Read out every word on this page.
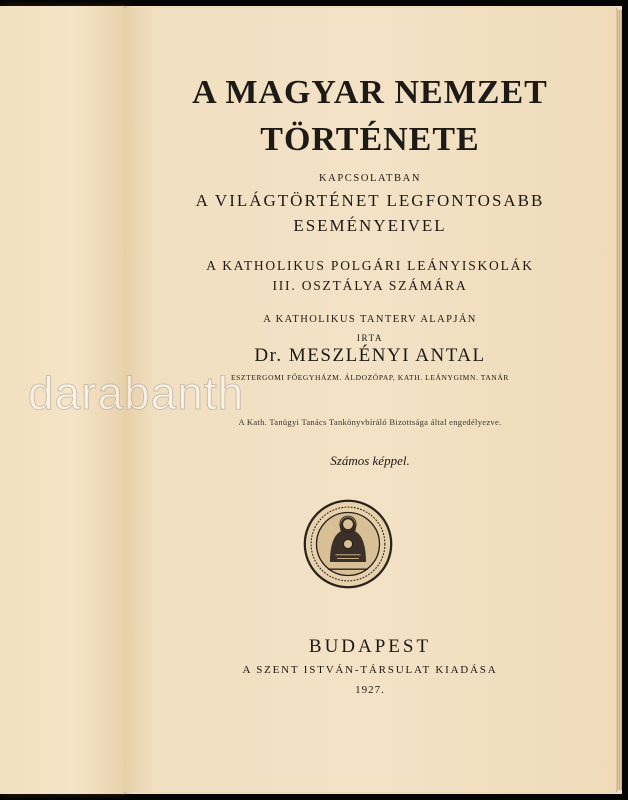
A MAGYAR NEMZET

TÖRTÉNETE

KAPCSOLATBAN

A VILÁGTÖRTÉNET LEGFONTOSABB

ESEMÉNYEIVEL

A KATHOLIKUS POLGÁRI LEÁNYISKOLÁK

III. OSZTÁLYA SZÁMÁRA

A KATHOLIKUS TANTERV ALAPJÁN

IRTA

Dr. MESZLÉNYI ANTAL

ESZTERGOMI FŐEGYHÁZM. ÁLDOZÓPAP, KATH. LEÁNYGIMN. TANÁR

A Kath. Tanügyi Tanács Tankönyvbíráló Bizottsága által engedélyezve.

Számos képpel.

BUDAPEST

A SZENT ISTVÁN-TÁRSULAT KIADÁSA

1927.

darabanth
